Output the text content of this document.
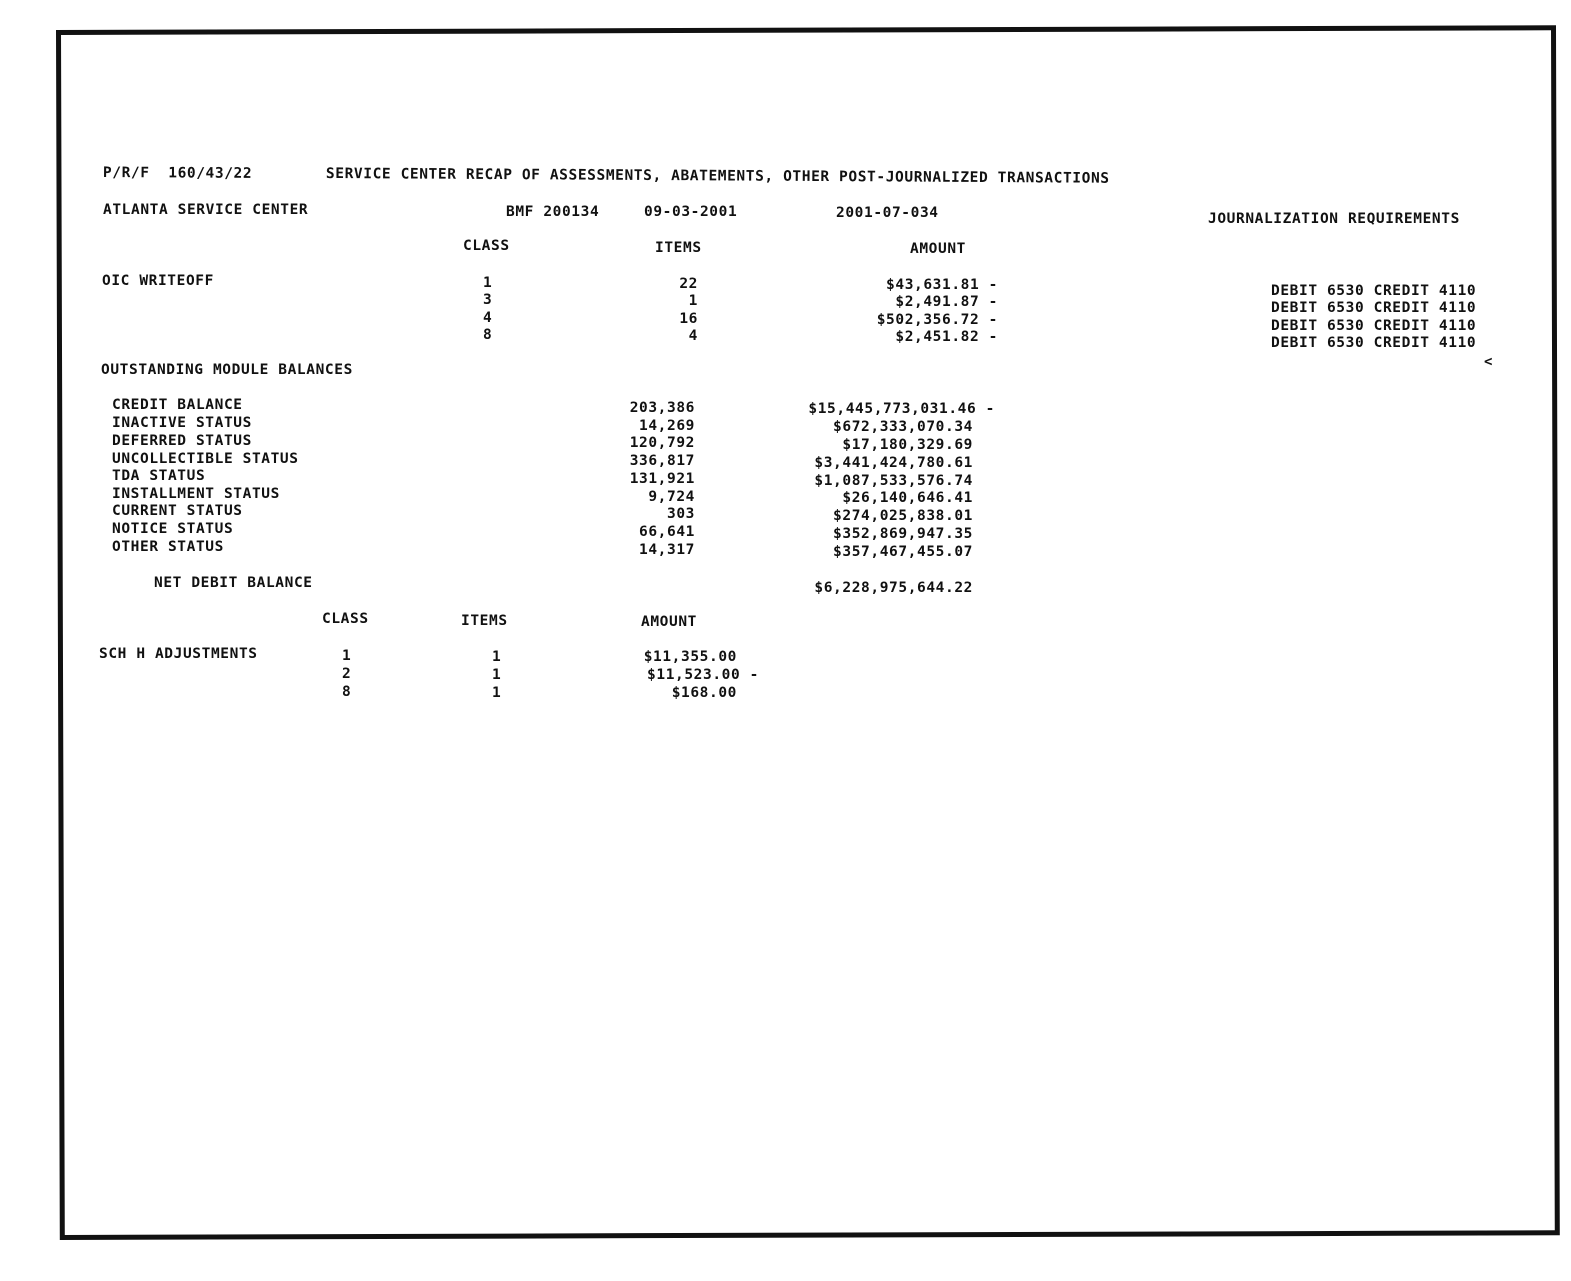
P/R/F  160/43/22	SERVICE CENTER RECAP OF ASSESSMENTS, ABATEMENTS, OTHER POST-JOURNALIZED TRANSACTIONS
ATLANTA SERVICE CENTER	BMF 200134	09-03-2001	2001-07-034	JOURNALIZATION REQUIREMENTS
CLASS	ITEMS	AMOUNT
OIC WRITEOFF	1	22	$43,631.81 -	DEBIT 6530 CREDIT 4110
3	1	$2,491.87 -	DEBIT 6530 CREDIT 4110
4	16	$502,356.72 -	DEBIT 6530 CREDIT 4110
8	4	$2,451.82 -	DEBIT 6530 CREDIT 4110
<
OUTSTANDING MODULE BALANCES
CREDIT BALANCE	203,386	$15,445,773,031.46 -
INACTIVE STATUS	14,269	$672,333,070.34
DEFERRED STATUS	120,792	$17,180,329.69
UNCOLLECTIBLE STATUS	336,817	$3,441,424,780.61
TDA STATUS	131,921	$1,087,533,576.74
INSTALLMENT STATUS	9,724	$26,140,646.41
CURRENT STATUS	303	$274,025,838.01
NOTICE STATUS	66,641	$352,869,947.35
OTHER STATUS	14,317	$357,467,455.07
NET DEBIT BALANCE	$6,228,975,644.22
CLASS	ITEMS	AMOUNT
SCH H ADJUSTMENTS	1	1	$11,355.00
2	1	$11,523.00 -
8	1	$168.00
